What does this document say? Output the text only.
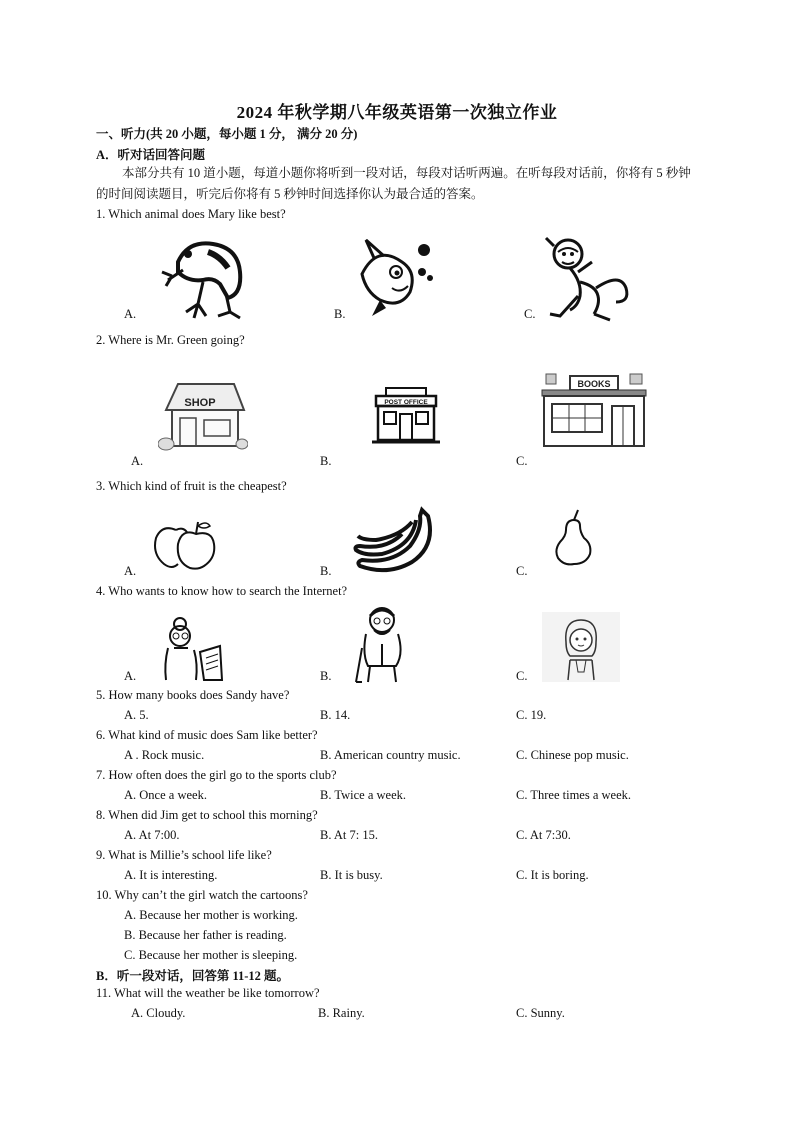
2024 年秋学期八年级英语第一次独立作业
一、听力(共 20 小题，每小题 1 分， 满分 20 分)
A．听对话回答问题
本部分共有 10 道小题，每道小题你将听到一段对话，每段对话听两遍。在听每段对话前，你将有 5 秒钟的时间阅读题目，听完后你将有 5 秒钟时间选择你认为最合适的答案。
1. Which animal does Mary like best?
A.	B.	C.
2. Where is Mr. Green going?
SHOP
A.
POST OFFICE
B.
BOOKS
C.
3. Which kind of fruit is the cheapest?
A.	B.	C.
4. Who wants to know how to search the Internet?
A.	B.	C.
5. How many books does Sandy have?
A. 5.	B. 14.	C. 19.
6. What kind of music does Sam like better?
A . Rock music.	B. American country music.	C. Chinese pop music.
7. How often does the girl go to the sports club?
A. Once a week.	B. Twice a week.	C. Three times a week.
8. When did Jim get to school this morning?
A. At 7:00.	B. At 7: 15.	C. At 7:30.
9. What is Millie’s school life like?
A. It is interesting.	B. It is busy.	C. It is boring.
10. Why can’t the girl watch the cartoons?
A. Because her mother is working.
B. Because her father is reading.
C. Because her mother is sleeping.
B．听一段对话，回答第 11-12 题。
11. What will the weather be like tomorrow?
A. Cloudy.	B. Rainy.	C. Sunny.
